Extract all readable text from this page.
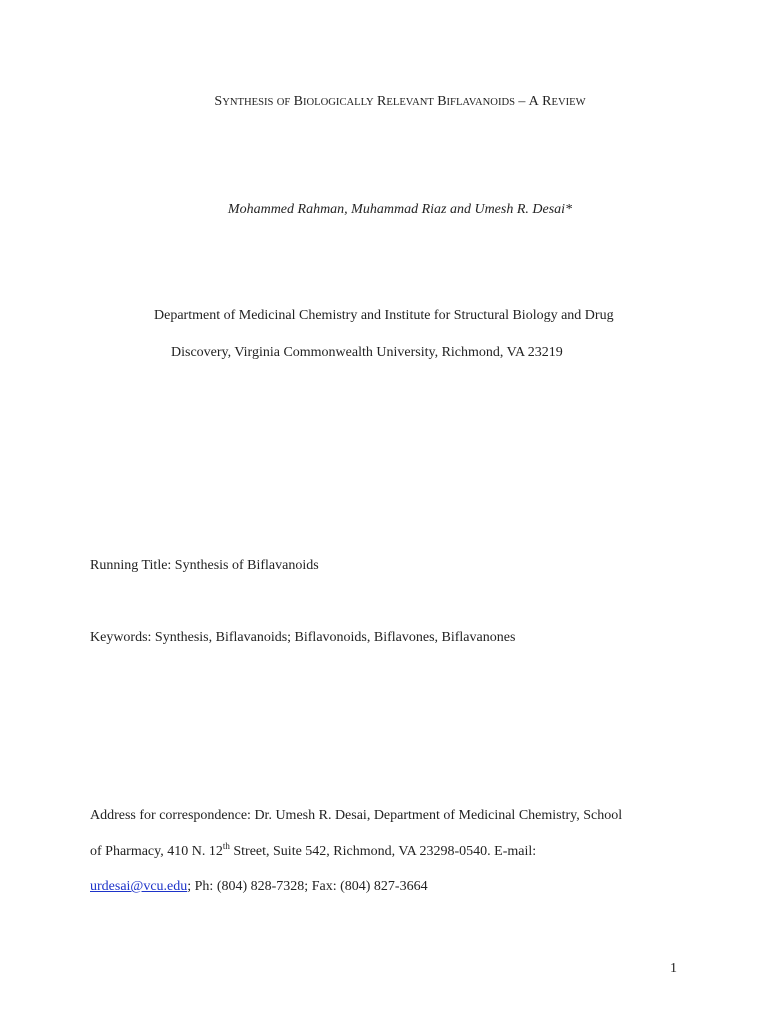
SYNTHESIS OF BIOLOGICALLY RELEVANT BIFLAVANOIDS – A REVIEW
Mohammed Rahman, Muhammad Riaz and Umesh R. Desai*
Department of Medicinal Chemistry and Institute for Structural Biology and Drug
Discovery, Virginia Commonwealth University, Richmond, VA 23219
Running Title: Synthesis of Biflavanoids
Keywords: Synthesis, Biflavanoids; Biflavonoids, Biflavones, Biflavanones
Address for correspondence: Dr. Umesh R. Desai, Department of Medicinal Chemistry, School
of Pharmacy, 410 N. 12th Street, Suite 542, Richmond, VA 23298-0540. E-mail:
urdesai@vcu.edu; Ph: (804) 828-7328; Fax: (804) 827-3664
1
